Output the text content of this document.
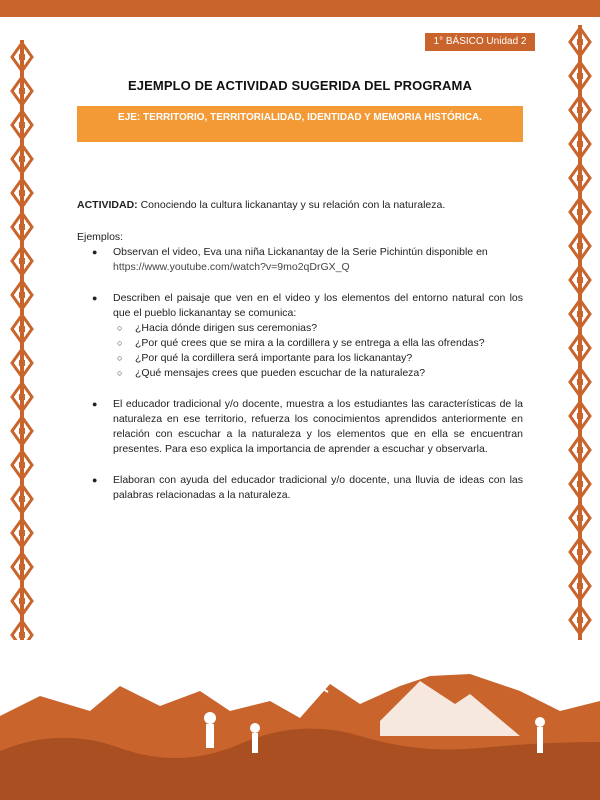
1° BÁSICO Unidad 2
EJEMPLO DE ACTIVIDAD SUGERIDA DEL PROGRAMA
EJE: TERRITORIO, TERRITORIALIDAD, IDENTIDAD Y MEMORIA HISTÓRICA.

ACTIVIDAD: Conociendo la cultura lickanantay y su relación con la naturaleza.

Ejemplos:

● Observan el video, Eva una niña Lickanantay de la Serie Pichintún disponible en
https://www.youtube.com/watch?v=9mo2qDrGX_Q
● Describen el paisaje que ven en el video y los elementos del entorno natural con los que el pueblo lickanantay se comunica:
○ ¿Hacia dónde dirigen sus ceremonias?
○ ¿Por qué crees que se mira a la cordillera y se entrega a ella las ofrendas?
○ ¿Por qué la cordillera será importante para los lickanantay?
○ ¿Qué mensajes crees que pueden escuchar de la naturaleza?
● El educador tradicional y/o docente, muestra a los estudiantes las características de la naturaleza en ese territorio, refuerza los conocimientos aprendidos anteriormente en relación con escuchar a la naturaleza y los elementos que en ella se encuentran presentes. Para eso explica la importancia de aprender a escuchar y observarla.
● Elaboran con ayuda del educador tradicional y/o docente, una lluvia de ideas con las palabras relacionadas a la naturaleza.
